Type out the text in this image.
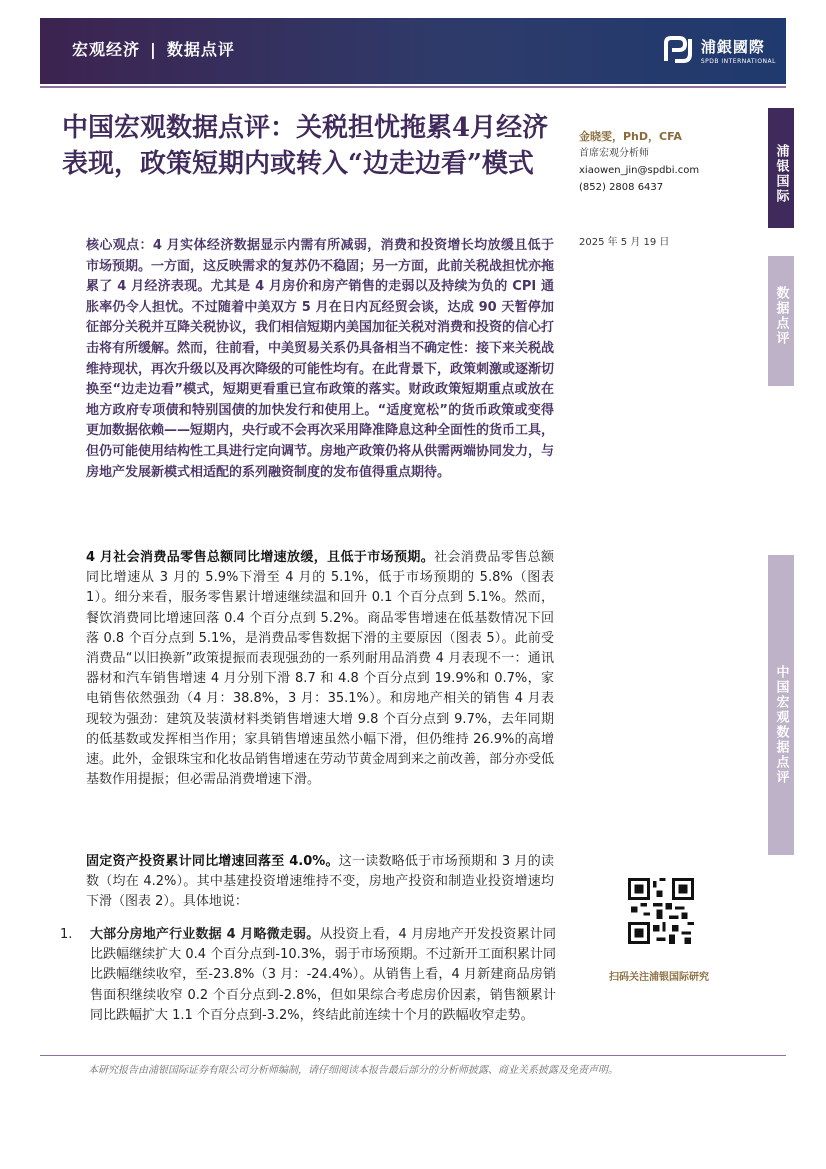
宏观经济 | 数据点评	浦銀國際
SPDB INTERNATIONAL
中国宏观数据点评：关税担忧拖累4月经济表现，政策短期内或转入“边走边看”模式
金晓雯，PhD，CFA
首席宏观分析师
xiaowen_jin@spdbi.com
(852) 2808 6437
2025 年 5 月 19 日
浦银国际
数据点评
中国宏观数据点评
核心观点：4 月实体经济数据显示内需有所减弱，消费和投资增长均放缓且低于市场预期。一方面，这反映需求的复苏仍不稳固；另一方面，此前关税战担忧亦拖累了 4 月经济表现。尤其是 4 月房价和房产销售的走弱以及持续为负的 CPI 通胀率仍令人担忧。不过随着中美双方 5 月在日内瓦经贸会谈，达成 90 天暂停加征部分关税并互降关税协议，我们相信短期内美国加征关税对消费和投资的信心打击将有所缓解。然而，往前看，中美贸易关系仍具备相当不确定性：接下来关税战维持现状，再次升级以及再次降级的可能性均有。在此背景下，政策刺激或逐渐切换至“边走边看”模式，短期更看重已宣布政策的落实。财政政策短期重点或放在地方政府专项债和特别国债的加快发行和使用上。“适度宽松”的货币政策或变得更加数据依赖——短期内，央行或不会再次采用降准降息这种全面性的货币工具，但仍可能使用结构性工具进行定向调节。房地产政策仍将从供需两端协同发力，与房地产发展新模式相适配的系列融资制度的发布值得重点期待。
4 月社会消费品零售总额同比增速放缓，且低于市场预期。社会消费品零售总额同比增速从 3 月的 5.9%下滑至 4 月的 5.1%，低于市场预期的 5.8%（图表 1）。细分来看，服务零售累计增速继续温和回升 0.1 个百分点到 5.1%。然而，餐饮消费同比增速回落 0.4 个百分点到 5.2%。商品零售增速在低基数情况下回落 0.8 个百分点到 5.1%，是消费品零售数据下滑的主要原因（图表 5）。此前受消费品“以旧换新”政策提振而表现强劲的一系列耐用品消费 4 月表现不一：通讯器材和汽车销售增速 4 月分别下滑 8.7 和 4.8 个百分点到 19.9%和 0.7%，家电销售依然强劲（4 月：38.8%，3 月：35.1%）。和房地产相关的销售 4 月表现较为强劲：建筑及装潢材料类销售增速大增 9.8 个百分点到 9.7%，去年同期的低基数或发挥相当作用；家具销售增速虽然小幅下滑，但仍维持 26.9%的高增速。此外，金银珠宝和化妆品销售增速在劳动节黄金周到来之前改善，部分亦受低基数作用提振；但必需品消费增速下滑。
固定资产投资累计同比增速回落至 4.0%。这一读数略低于市场预期和 3 月的读数（均在 4.2%）。其中基建投资增速维持不变，房地产投资和制造业投资增速均下滑（图表 2）。具体地说：
1. 大部分房地产行业数据 4 月略微走弱。从投资上看，4 月房地产开发投资累计同比跌幅继续扩大 0.4 个百分点到-10.3%，弱于市场预期。不过新开工面积累计同比跌幅继续收窄，至-23.8%（3 月：-24.4%）。从销售上看，4 月新建商品房销售面积继续收窄 0.2 个百分点到-2.8%，但如果综合考虑房价因素，销售额累计同比跌幅扩大 1.1 个百分点到-3.2%，终结此前连续十个月的跌幅收窄走势。
扫码关注浦银国际研究
本研究报告由浦银国际证券有限公司分析师编制，请仔细阅读本报告最后部分的分析师披露、商业关系披露及免责声明。
